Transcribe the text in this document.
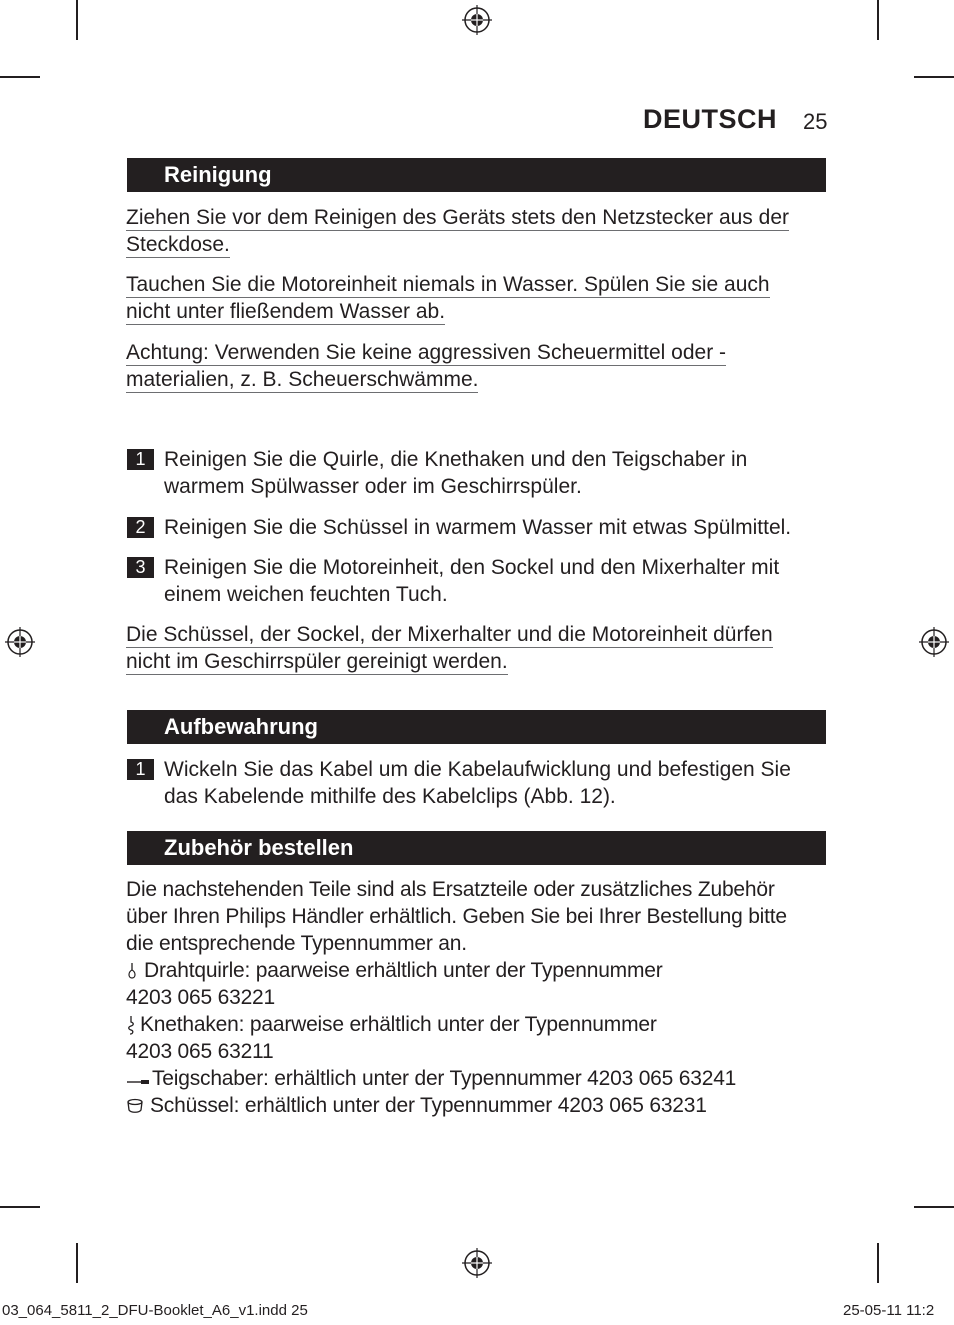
DEUTSCH 25
Reinigung
Ziehen Sie vor dem Reinigen des Geräts stets den Netzstecker aus der
Steckdose.
Tauchen Sie die Motoreinheit niemals in Wasser. Spülen Sie sie auch
nicht unter fließendem Wasser ab.
Achtung: Verwenden Sie keine aggressiven Scheuermittel oder -
materialien, z. B. Scheuerschwämme.
1 Reinigen Sie die Quirle, die Knethaken und den Teigschaber in
warmem Spülwasser oder im Geschirrspüler.
2 Reinigen Sie die Schüssel in warmem Wasser mit etwas Spülmittel.
3 Reinigen Sie die Motoreinheit, den Sockel und den Mixerhalter mit
einem weichen feuchten Tuch.
Die Schüssel, der Sockel, der Mixerhalter und die Motoreinheit dürfen
nicht im Geschirrspüler gereinigt werden.
Aufbewahrung
1 Wickeln Sie das Kabel um die Kabelaufwicklung und befestigen Sie
das Kabelende mithilfe des Kabelclips (Abb. 12).
Zubehör bestellen
Die nachstehenden Teile sind als Ersatzteile oder zusätzliches Zubehör
über Ihren Philips Händler erhältlich. Geben Sie bei Ihrer Bestellung bitte
die entsprechende Typennummer an.
Drahtquirle: paarweise erhältlich unter der Typennummer
4203 065 63221
Knethaken: paarweise erhältlich unter der Typennummer
4203 065 63211
Teigschaber: erhältlich unter der Typennummer 4203 065 63241
Schüssel: erhältlich unter der Typennummer 4203 065 63231
03_064_5811_2_DFU-Booklet_A6_v1.indd 25	25-05-11 11:2
